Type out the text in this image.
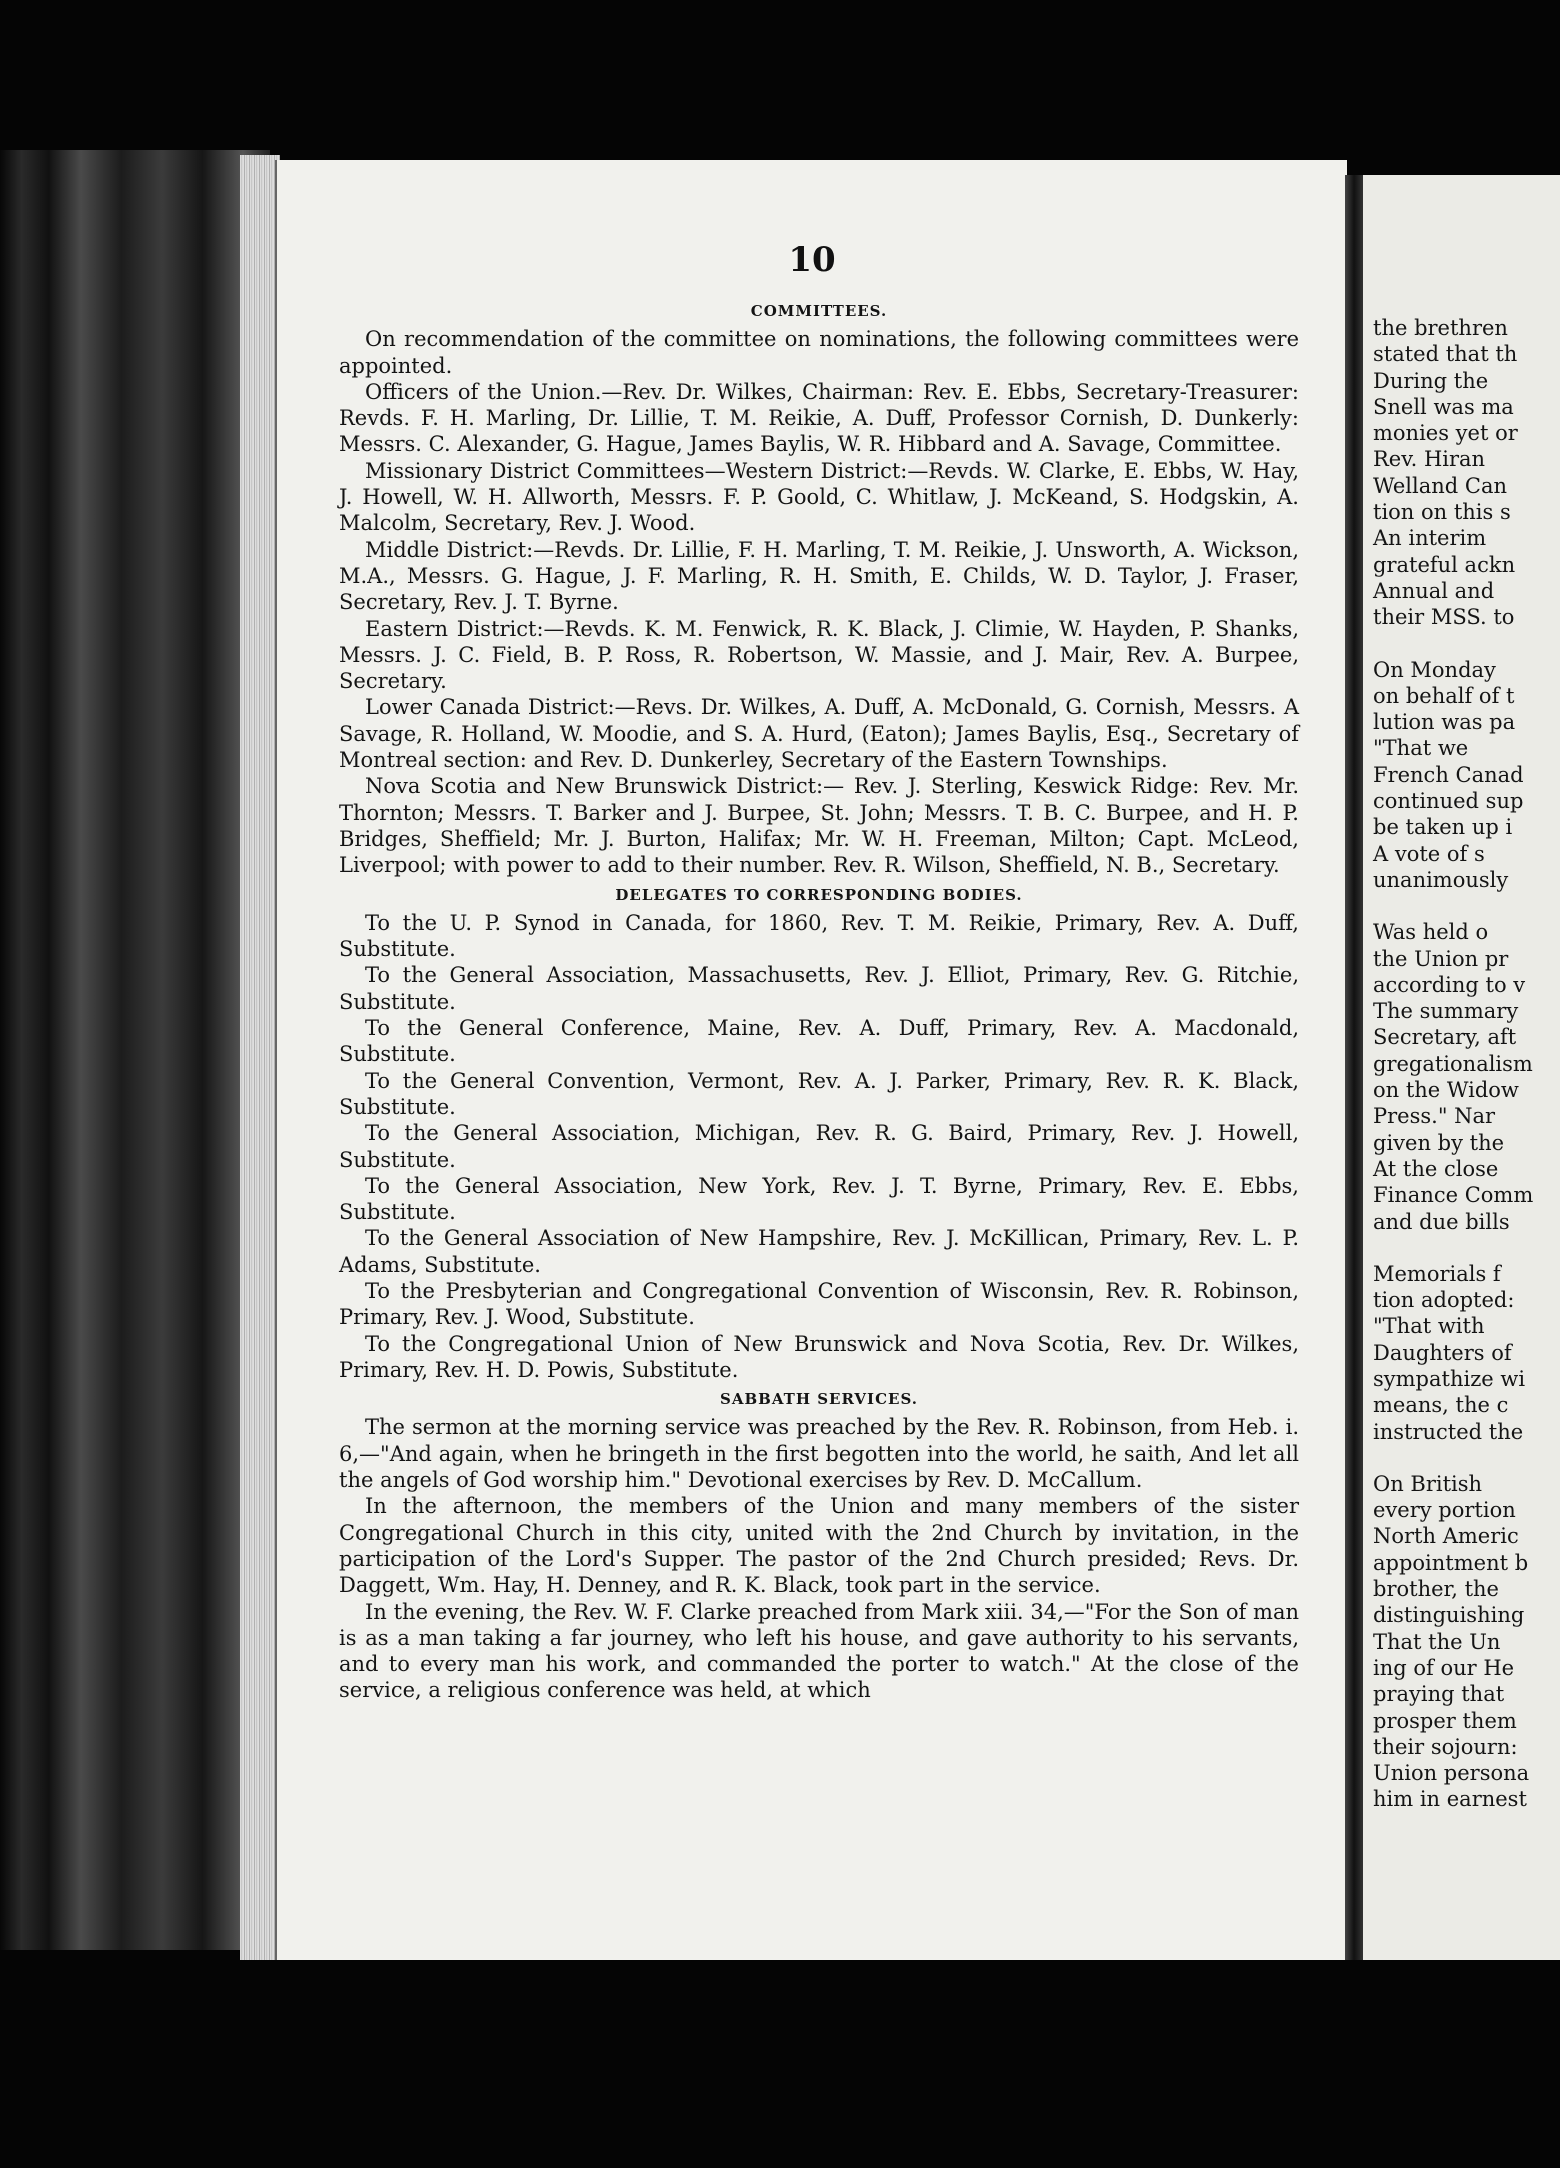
10
COMMITTEES.

On recommendation of the committee on nominations, the following committees were appointed.

Officers of the Union.—Rev. Dr. Wilkes, Chairman: Rev. E. Ebbs, Secretary-Treasurer: Revds. F. H. Marling, Dr. Lillie, T. M. Reikie, A. Duff, Professor Cornish, D. Dunkerly: Messrs. C. Alexander, G. Hague, James Baylis, W. R. Hibbard and A. Savage, Committee.

Missionary District Committees—Western District:—Revds. W. Clarke, E. Ebbs, W. Hay, J. Howell, W. H. Allworth, Messrs. F. P. Goold, C. Whitlaw, J. McKeand, S. Hodgskin, A. Malcolm, Secretary, Rev. J. Wood.

Middle District:—Revds. Dr. Lillie, F. H. Marling, T. M. Reikie, J. Unsworth, A. Wickson, M.A., Messrs. G. Hague, J. F. Marling, R. H. Smith, E. Childs, W. D. Taylor, J. Fraser, Secretary, Rev. J. T. Byrne.

Eastern District:—Revds. K. M. Fenwick, R. K. Black, J. Climie, W. Hayden, P. Shanks, Messrs. J. C. Field, B. P. Ross, R. Robertson, W. Massie, and J. Mair, Rev. A. Burpee, Secretary.

Lower Canada District:—Revs. Dr. Wilkes, A. Duff, A. McDonald, G. Cornish, Messrs. A Savage, R. Holland, W. Moodie, and S. A. Hurd, (Eaton); James Baylis, Esq., Secretary of Montreal section: and Rev. D. Dunkerley, Secretary of the Eastern Townships.

Nova Scotia and New Brunswick District:— Rev. J. Sterling, Keswick Ridge: Rev. Mr. Thornton; Messrs. T. Barker and J. Burpee, St. John; Messrs. T. B. C. Burpee, and H. P. Bridges, Sheffield; Mr. J. Burton, Halifax; Mr. W. H. Freeman, Milton; Capt. McLeod, Liverpool; with power to add to their number. Rev. R. Wilson, Sheffield, N. B., Secretary.

DELEGATES TO CORRESPONDING BODIES.

To the U. P. Synod in Canada, for 1860, Rev. T. M. Reikie, Primary, Rev. A. Duff, Substitute.

To the General Association, Massachusetts, Rev. J. Elliot, Primary, Rev. G. Ritchie, Substitute.

To the General Conference, Maine, Rev. A. Duff, Primary, Rev. A. Macdonald, Substitute.

To the General Convention, Vermont, Rev. A. J. Parker, Primary, Rev. R. K. Black, Substitute.

To the General Association, Michigan, Rev. R. G. Baird, Primary, Rev. J. Howell, Substitute.

To the General Association, New York, Rev. J. T. Byrne, Primary, Rev. E. Ebbs, Substitute.

To the General Association of New Hampshire, Rev. J. McKillican, Primary, Rev. L. P. Adams, Substitute.

To the Presbyterian and Congregational Convention of Wisconsin, Rev. R. Robinson, Primary, Rev. J. Wood, Substitute.

To the Congregational Union of New Brunswick and Nova Scotia, Rev. Dr. Wilkes, Primary, Rev. H. D. Powis, Substitute.

SABBATH SERVICES.

The sermon at the morning service was preached by the Rev. R. Robinson, from Heb. i. 6,—"And again, when he bringeth in the first begotten into the world, he saith, And let all the angels of God worship him." Devotional exercises by Rev. D. McCallum.

In the afternoon, the members of the Union and many members of the sister Congregational Church in this city, united with the 2nd Church by invitation, in the participation of the Lord's Supper. The pastor of the 2nd Church presided; Revs. Dr. Daggett, Wm. Hay, H. Denney, and R. K. Black, took part in the service.

In the evening, the Rev. W. F. Clarke preached from Mark xiii. 34,—"For the Son of man is as a man taking a far journey, who left his house, and gave authority to his servants, and to every man his work, and commanded the porter to watch." At the close of the service, a religious conference was held, at which

the brethren
stated that th
During the
Snell was ma
monies yet or
Rev. Hiran
Welland Can
tion on this s
An interim
grateful ackn
Annual and
their MSS. to
On Monday
on behalf of t
lution was pa
"That we
French Canad
continued sup
be taken up i
A vote of s
unanimously
Was held o
the Union pr
according to v
The summary
Secretary, aft
gregationalism
on the Widow
Press." Nar
given by the
At the close
Finance Comm
and due bills
Memorials f
tion adopted:
"That with
Daughters of
sympathize wi
means, the c
instructed the
On British
every portion
North Americ
appointment b
brother, the
distinguishing
That the Un
ing of our He
praying that
prosper them
their sojourn:
Union persona
him in earnest
